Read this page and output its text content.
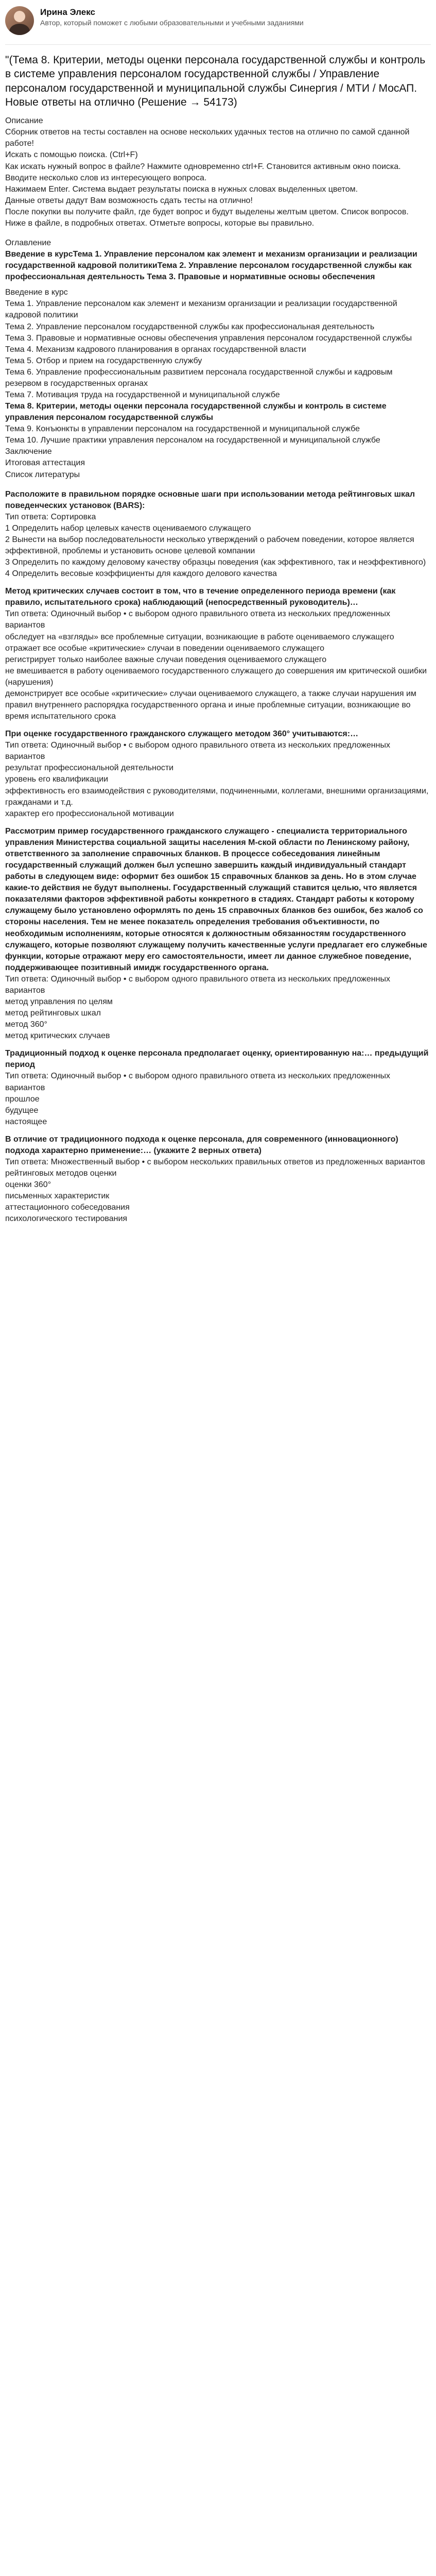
Ирина Элекс
Автор, который поможет с любыми образовательными и учебными заданиями
"(Тема 8. Критерии, методы оценки персонала государственной службы и контроль в системе управления персоналом государственной службы / Управление персоналом государственной и муниципальной службы Синергия / МТИ / МосАП. Новые ответы на отлично (Решение → 54173)
Описание
Сборник ответов на тесты составлен на основе нескольких удачных тестов на отлично по самой сданной работе!
Искать с помощью поиска. (Ctrl+F)
Как искать нужный вопрос в файле? Нажмите одновременно ctrl+F. Становится активным окно поиска. Вводите несколько слов из интересующего вопроса.
Нажимаем Enter. Система выдает результаты поиска в нужных словах выделенных цветом.
Данные ответы дадут Вам возможность сдать тесты на отлично!
После покупки вы получите файл, где будет вопрос и будут выделены желтым цветом. Список вопросов. Ниже в файле, в подробных ответах. Отметьте вопросы, которые вы правильно.
Оглавление
Введение в курсТема 1. Управление персоналом как элемент и механизм организации и реализации государственной кадровой политикиТема 2. Управление персоналом государственной службы как профессиональная деятельность Тема 3. Правовые и нормативные основы обеспечения
Введение в курс
Тема 1. Управление персоналом как элемент и механизм организации и реализации государственной кадровой политики
Тема 2. Управление персоналом государственной службы как профессиональная деятельность
Тема 3. Правовые и нормативные основы обеспечения управления персоналом государственной службы
Тема 4. Механизм кадрового планирования в органах государственной власти
Тема 5. Отбор и прием на государственную службу
Тема 6. Управление профессиональным развитием персонала государственной службы и кадровым резервом в государственных органах
Тема 7. Мотивация труда на государственной и муниципальной службе
Тема 8. Критерии, методы оценки персонала государственной службы и контроль в системе управления персоналом государственной службы
Тема 9. Конъюнкты в управлении персоналом на государственной и муниципальной службе
Тема 10. Лучшие практики управления персоналом на государственной и муниципальной службе
Заключение
Итоговая аттестация
Список литературы
Расположите в правильном порядке основные шаги при использовании метода рейтинговых шкал поведенческих установок (BARS):
Тип ответа: Сортировка
1 Определить набор целевых качеств оцениваемого служащего
2 Вынести на выбор последовательности несколько утверждений о рабочем поведении, которое является эффективной, проблемы и установить основе целевой компании
3 Определить по каждому деловому качеству образцы поведения (как эффективного, так и неэффективного)
4 Определить весовые коэффициенты для каждого делового качества
Метод критических случаев состоит в том, что в течение определенного периода времени (как правило, испытательного срока) наблюдающий (непосредственный руководитель)…
Тип ответа: Одиночный выбор • с выбором одного правильного ответа из нескольких предложенных вариантов
обследует на «взгляды» все проблемные ситуации, возникающие в работе оцениваемого служащего
отражает все особые «критические» случаи в поведении оцениваемого служащего
регистрирует только наиболее важные случаи поведения оцениваемого служащего
не вмешивается в работу оцениваемого государственного служащего до совершения им критической ошибки (нарушения)
демонстрирует все особые «критические» случаи оцениваемого служащего, а также случаи нарушения им правил внутреннего распорядка государственного органа и иные проблемные ситуации, возникающие во время испытательного срока
При оценке государственного гражданского служащего методом 360° учитываются:…
Тип ответа: Одиночный выбор • с выбором одного правильного ответа из нескольких предложенных вариантов
результат профессиональной деятельности
уровень его квалификации
эффективность его взаимодействия с руководителями, подчиненными, коллегами, внешними организациями, гражданами и т.д.
характер его профессиональной мотивации
Рассмотрим пример государственного гражданского служащего - специалиста территориального управления Министерства социальной защиты населения М-ской области по Ленинскому району, ответственного за заполнение справочных бланков. В процессе собеседования линейным государственный служащий должен был успешно завершить каждый индивидуальный стандарт работы в следующем виде: оформит без ошибок 15 справочных бланков за день. Но в этом случае какие-то действия не будут выполнены. Государственный служащий ставится целью, что является показателями факторов эффективной работы конкретного в стадиях. Стандарт работы к которому служащему было установлено оформлять по день 15 справочных бланков без ошибок, без жалоб со стороны населения. Тем не менее показатель определения требования объективности, по необходимым исполнениям, которые относятся к должностным обязанностям государственного служащего, которые позволяют служащему получить качественные услуги предлагает его служебные функции, которые отражают меру его самостоятельности, имеет ли данное служебное поведение, поддерживающее позитивный имидж государственного органа.
Тип ответа: Одиночный выбор • с выбором одного правильного ответа из нескольких предложенных вариантов
метод управления по целям
метод рейтинговых шкал
метод 360°
метод критических случаев
Традиционный подход к оценке персонала предполагает оценку, ориентированную на:… предыдущий период
Тип ответа: Одиночный выбор • с выбором одного правильного ответа из нескольких предложенных вариантов
прошлое
будущее
настоящее
В отличие от традиционного подхода к оценке персонала, для современного (инновационного) подхода характерно применение:… (укажите 2 верных ответа)
Тип ответа: Множественный выбор • с выбором нескольких правильных ответов из предложенных вариантов
рейтинговых методов оценки
оценки 360°
письменных характеристик
аттестационного собеседования
психологического тестирования
